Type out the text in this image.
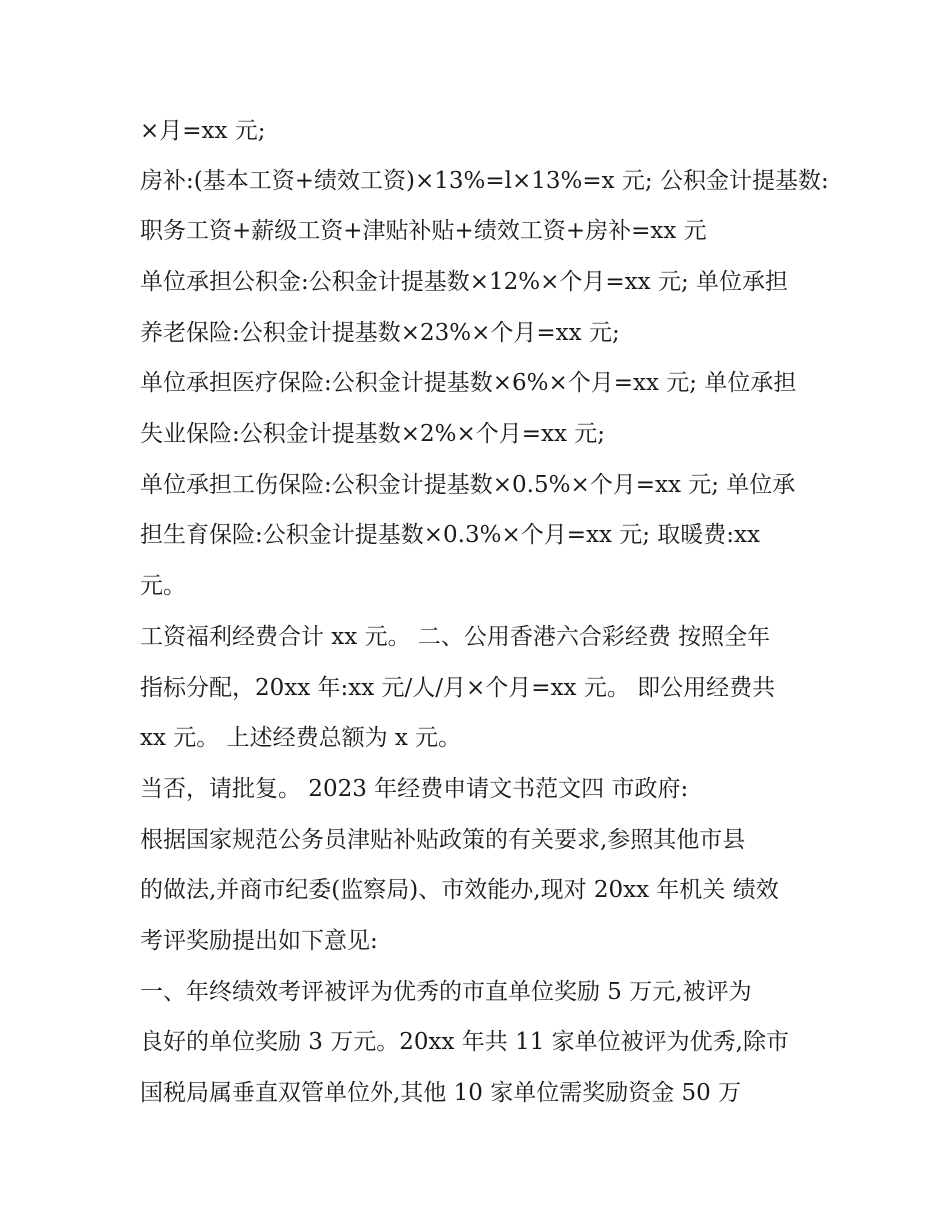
×月=xx 元;
房补:(基本工资+绩效工资)×13%=l×13%=x 元; 公积金计提基数:
职务工资+薪级工资+津贴补贴+绩效工资+房补=xx 元
单位承担公积金:公积金计提基数×12%×个月=xx 元; 单位承担
养老保险:公积金计提基数×23%×个月=xx 元;
单位承担医疗保险:公积金计提基数×6%×个月=xx 元; 单位承担
失业保险:公积金计提基数×2%×个月=xx 元;
单位承担工伤保险:公积金计提基数×0.5%×个月=xx 元; 单位承
担生育保险:公积金计提基数×0.3%×个月=xx 元; 取暖费:xx
元。
工资福利经费合计 xx 元。 二、公用香港六合彩经费 按照全年
指标分配，20xx 年:xx 元/人/月×个月=xx 元。 即公用经费共
xx 元。 上述经费总额为 x 元。
当否，请批复。 2023 年经费申请文书范文四 市政府:
根据国家规范公务员津贴补贴政策的有关要求,参照其他市县
的做法,并商市纪委(监察局)、市效能办,现对 20xx 年机关 绩效
考评奖励提出如下意见:
一、年终绩效考评被评为优秀的市直单位奖励 5 万元,被评为
良好的单位奖励 3 万元。20xx 年共 11 家单位被评为优秀,除市
国税局属垂直双管单位外,其他 10 家单位需奖励资金 50 万
